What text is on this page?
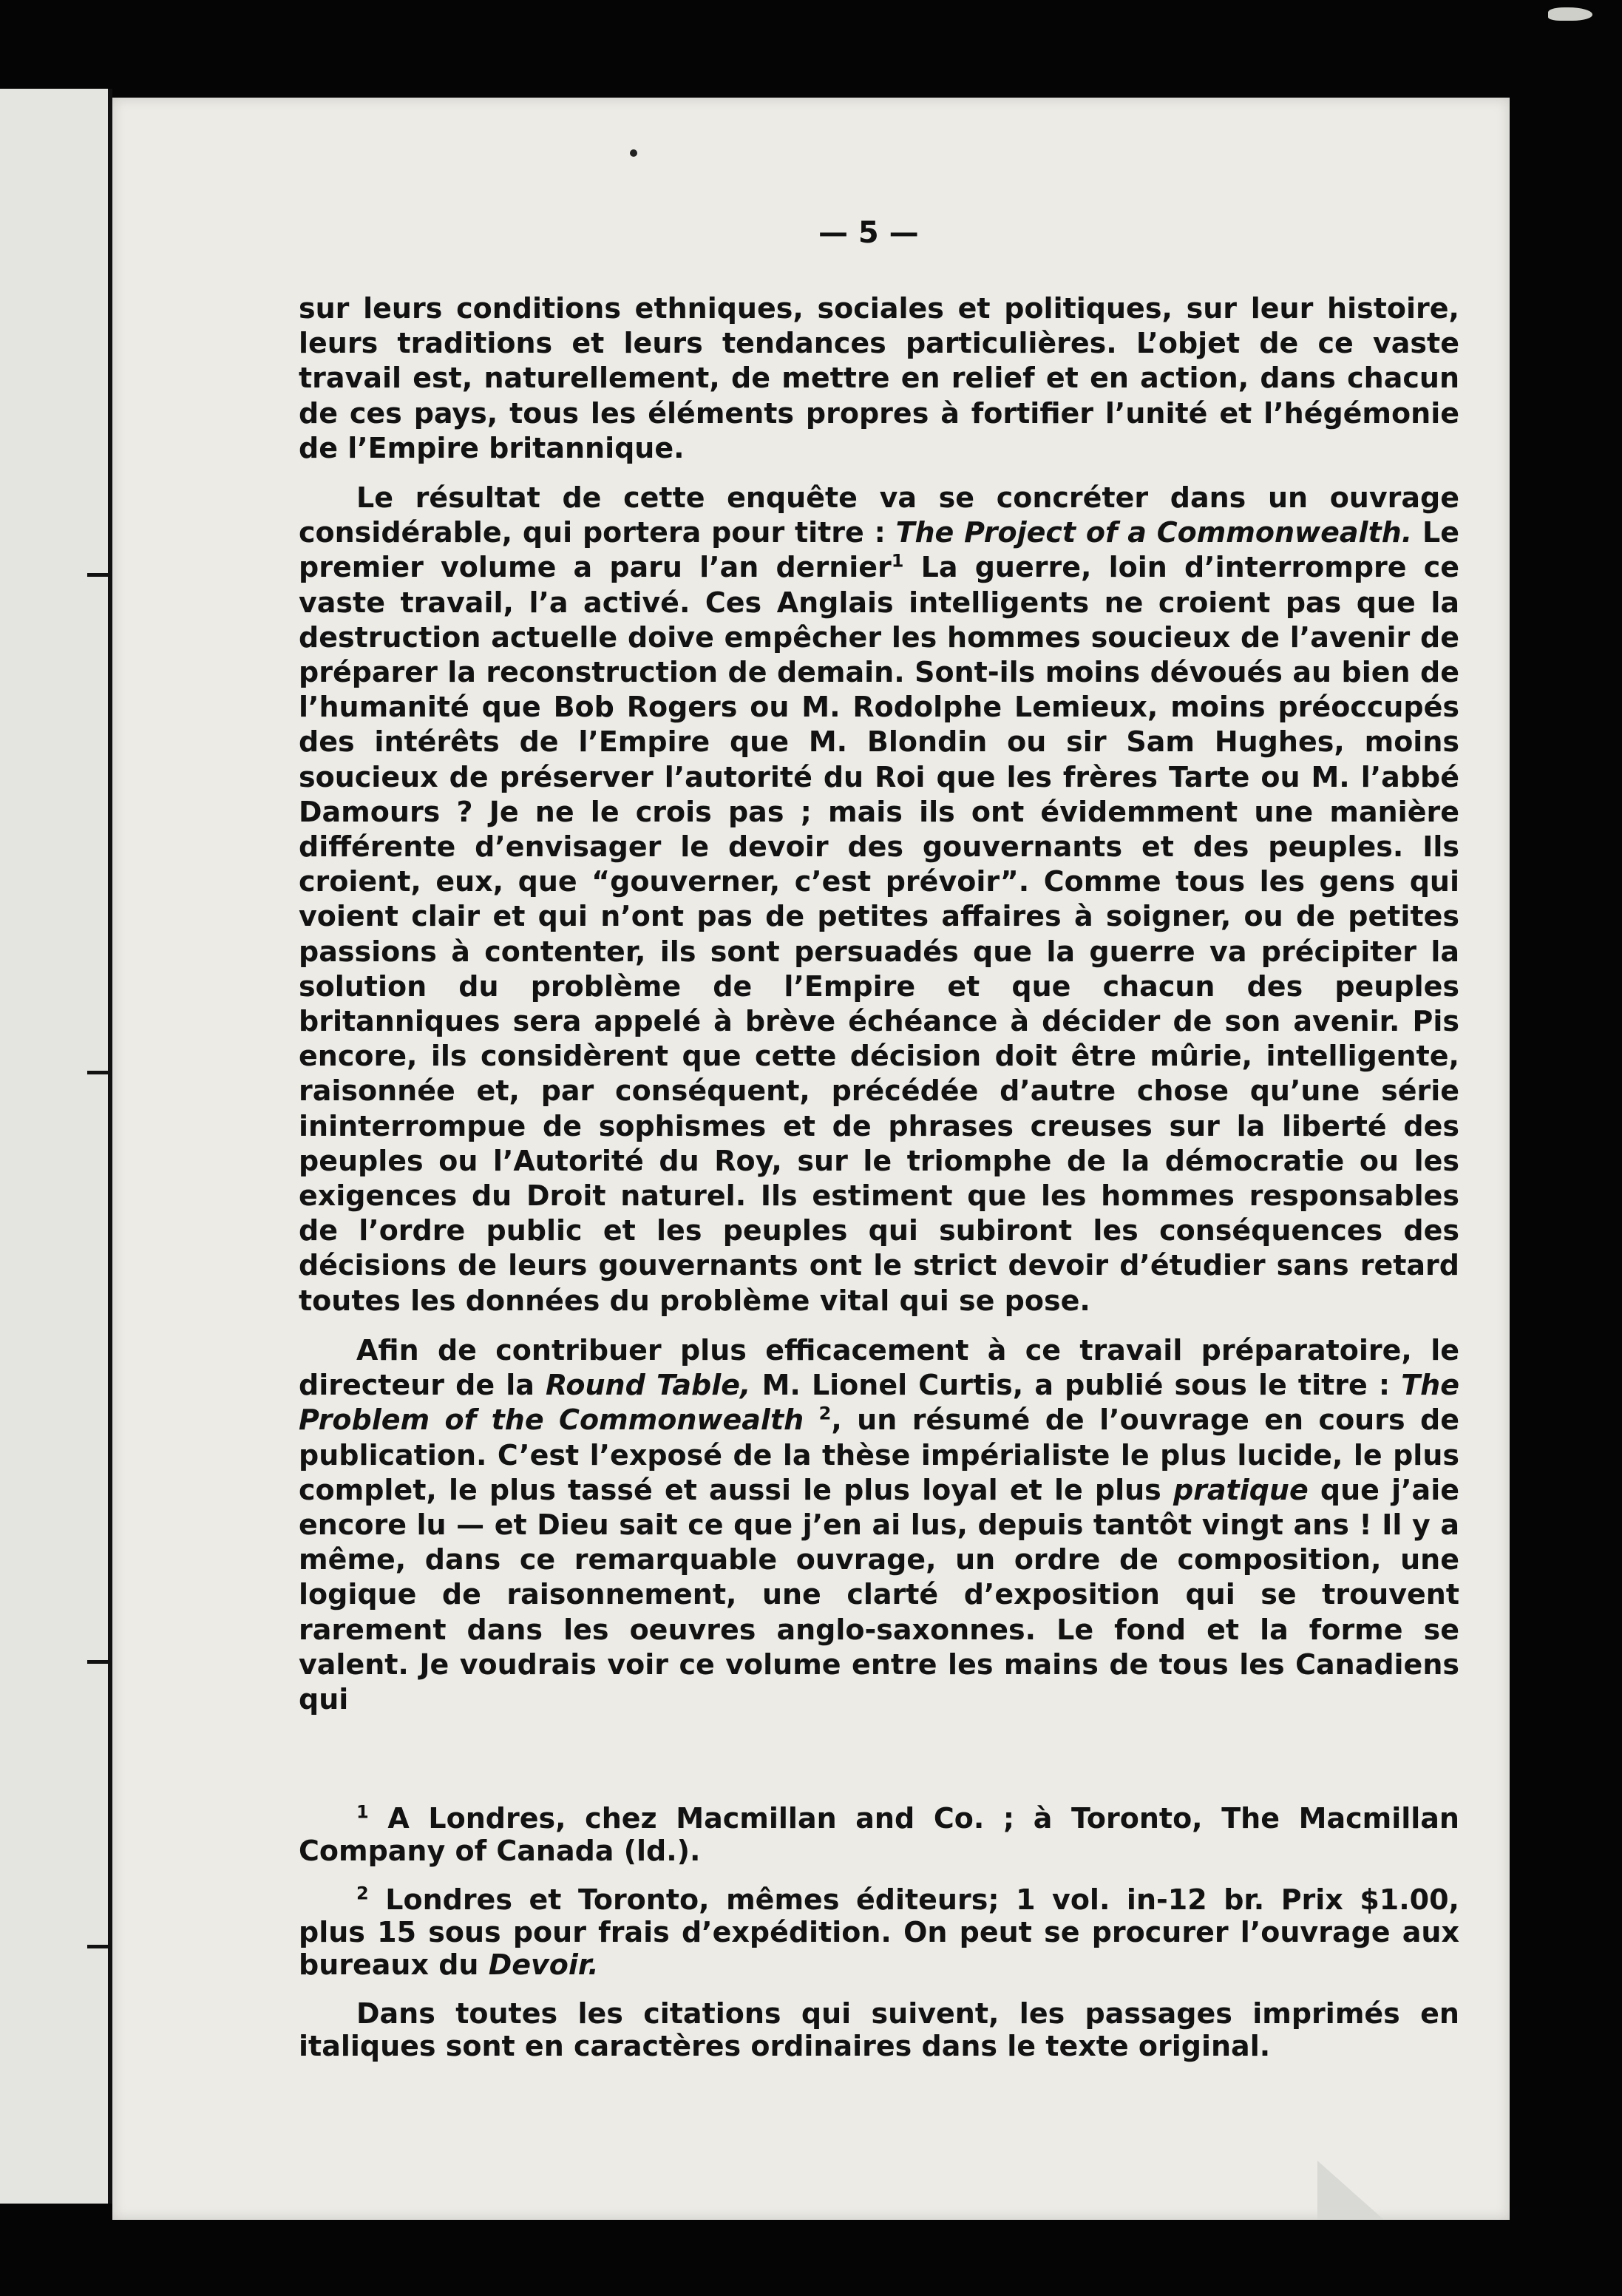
— 5 —

sur leurs conditions ethniques, sociales et politiques, sur leur histoire, leurs traditions et leurs tendances particulières. L’objet de ce vaste travail est, naturellement, de mettre en relief et en action, dans chacun de ces pays, tous les éléments propres à fortifier l’unité et l’hégémonie de l’Empire britannique.

Le résultat de cette enquête va se concréter dans un ouvrage considérable, qui portera pour titre : The Project of a Commonwealth. Le premier volume a paru l’an dernier$^1$ La guerre, loin d’interrompre ce vaste travail, l’a activé. Ces Anglais intelligents ne croient pas que la destruction actuelle doive empêcher les hommes soucieux de l’avenir de préparer la reconstruction de demain. Sont-ils moins dévoués au bien de l’humanité que Bob Rogers ou M. Rodolphe Lemieux, moins préoccupés des intérêts de l’Empire que M. Blondin ou sir Sam Hughes, moins soucieux de préserver l’autorité du Roi que les frères Tarte ou M. l’abbé Damours ? Je ne le crois pas ; mais ils ont évidemment une manière différente d’envisager le devoir des gouvernants et des peuples. Ils croient, eux, que “gouverner, c’est prévoir”. Comme tous les gens qui voient clair et qui n’ont pas de petites affaires à soigner, ou de petites passions à contenter, ils sont persuadés que la guerre va précipiter la solution du problème de l’Empire et que chacun des peuples britanniques sera appelé à brève échéance à décider de son avenir. Pis encore, ils considèrent que cette décision doit être mûrie, intelligente, raisonnée et, par conséquent, précédée d’autre chose qu’une série ininterrompue de sophismes et de phrases creuses sur la liberté des peuples ou l’Autorité du Roy, sur le triomphe de la démocratie ou les exigences du Droit naturel. Ils estiment que les hommes responsables de l’ordre public et les peuples qui subiront les conséquences des décisions de leurs gouvernants ont le strict devoir d’étudier sans retard toutes les données du problème vital qui se pose.

Afin de contribuer plus efficacement à ce travail préparatoire, le directeur de la Round Table, M. Lionel Curtis, a publié sous le titre : The Problem of the Commonwealth $^2$, un résumé de l’ouvrage en cours de publication. C’est l’exposé de la thèse impérialiste le plus lucide, le plus complet, le plus tassé et aussi le plus loyal et le plus pratique que j’aie encore lu — et Dieu sait ce que j’en ai lus, depuis tantôt vingt ans ! Il y a même, dans ce remarquable ouvrage, un ordre de composition, une logique de raisonnement, une clarté d’exposition qui se trouvent rarement dans les oeuvres anglo-saxonnes. Le fond et la forme se valent. Je voudrais voir ce volume entre les mains de tous les Canadiens qui

$^1$ A Londres, chez Macmillan and Co. ; à Toronto, The Macmillan Company of Canada (ld.).

$^2$ Londres et Toronto, mêmes éditeurs; 1 vol. in-12 br. Prix $1.00, plus 15 sous pour frais d’expédition. On peut se procurer l’ouvrage aux bureaux du Devoir.

Dans toutes les citations qui suivent, les passages imprimés en italiques sont en caractères ordinaires dans le texte original.
